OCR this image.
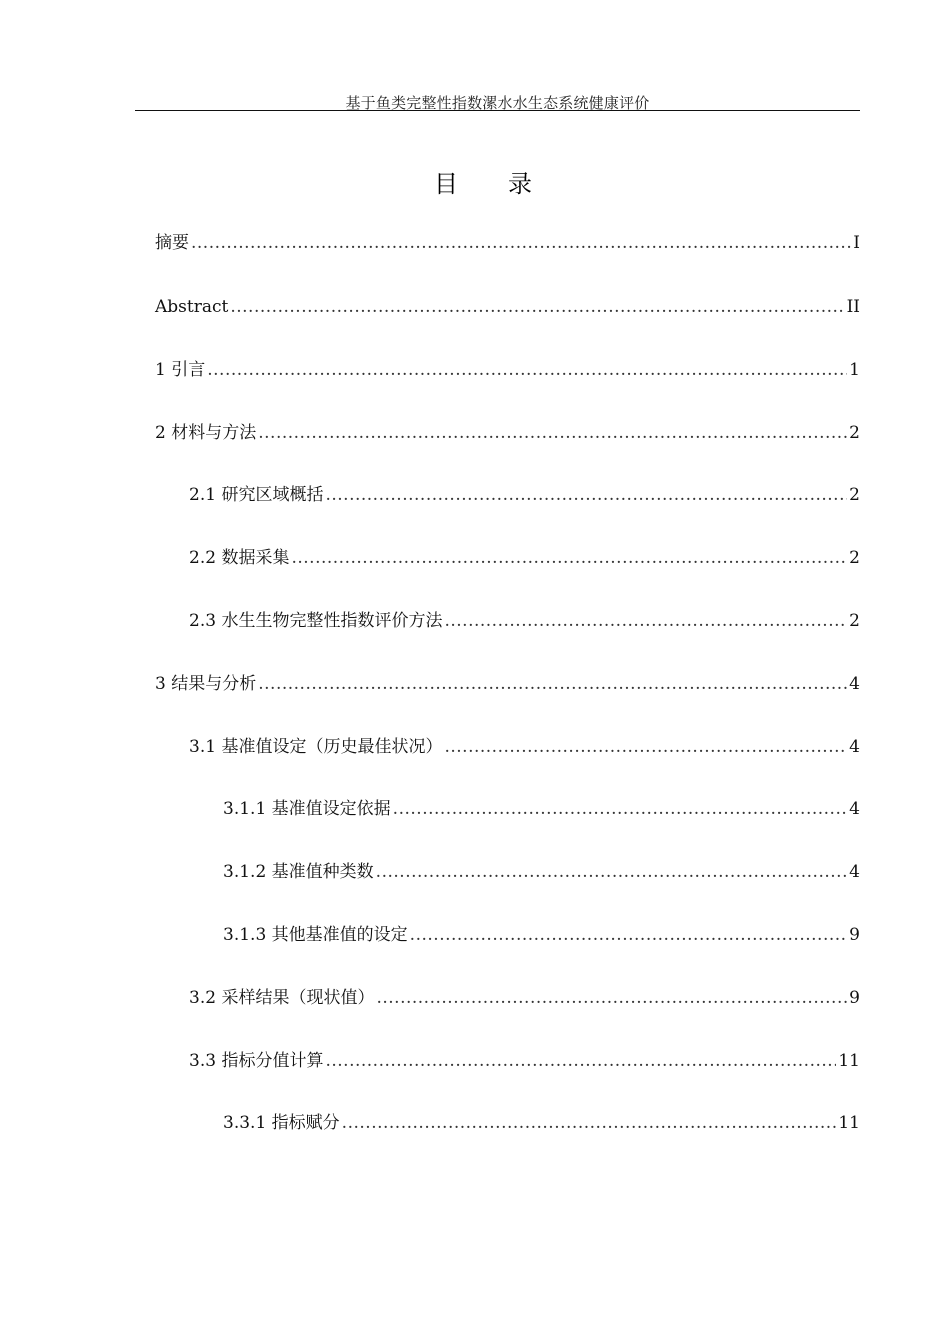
基于鱼类完整性指数漯水水生态系统健康评价
目录
摘要 .....	I
Abstract .....	II
1 引言 .....	1
2 材料与方法 .....	2
2.1 研究区域概括 .....	2
2.2 数据采集 .....	2
2.3 水生生物完整性指数评价方法 .....	2
3 结果与分析 .....	4
3.1 基准值设定（历史最佳状况） .....	4
3.1.1 基准值设定依据 .....	4
3.1.2 基准值种类数 .....	4
3.1.3 其他基准值的设定 .....	9
3.2 采样结果（现状值） .....	9
3.3 指标分值计算 .....	11
3.3.1 指标赋分 .....	11
